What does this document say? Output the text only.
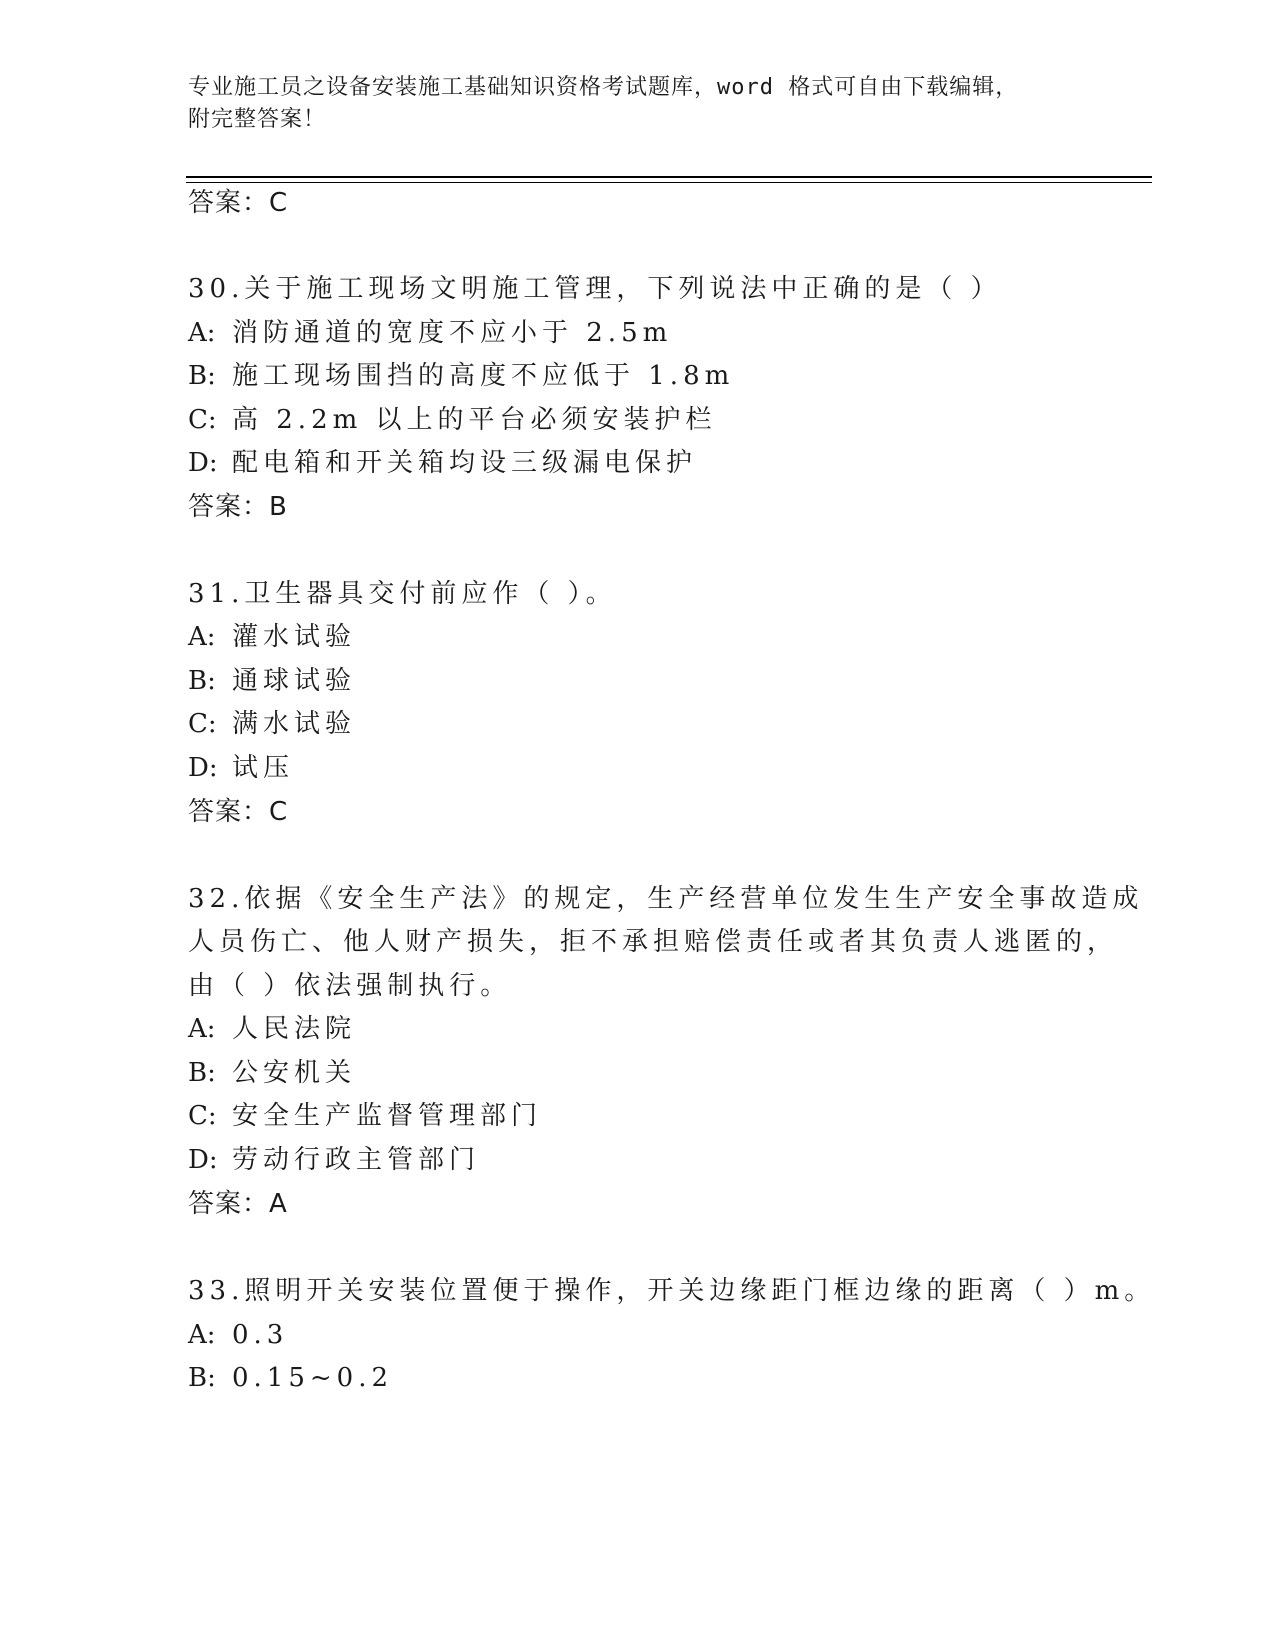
专业施工员之设备安装施工基础知识资格考试题库，word 格式可自由下载编辑，
附完整答案！
答案：C
30.关于施工现场文明施工管理，下列说法中正确的是（ ）
A: 消防通道的宽度不应小于 2.5m
B: 施工现场围挡的高度不应低于 1.8m
C: 高 2.2m 以上的平台必须安装护栏
D: 配电箱和开关箱均设三级漏电保护
答案：B
31.卫生器具交付前应作（ ）。
A: 灌水试验
B: 通球试验
C: 满水试验
D: 试压
答案：C
32.依据《安全生产法》的规定，生产经营单位发生生产安全事故造成
人员伤亡、他人财产损失，拒不承担赔偿责任或者其负责人逃匿的，
由（ ）依法强制执行。
A: 人民法院
B: 公安机关
C: 安全生产监督管理部门
D: 劳动行政主管部门
答案：A
33.照明开关安装位置便于操作，开关边缘距门框边缘的距离（ ）m。
A: 0.3
B: 0.15~0.2
